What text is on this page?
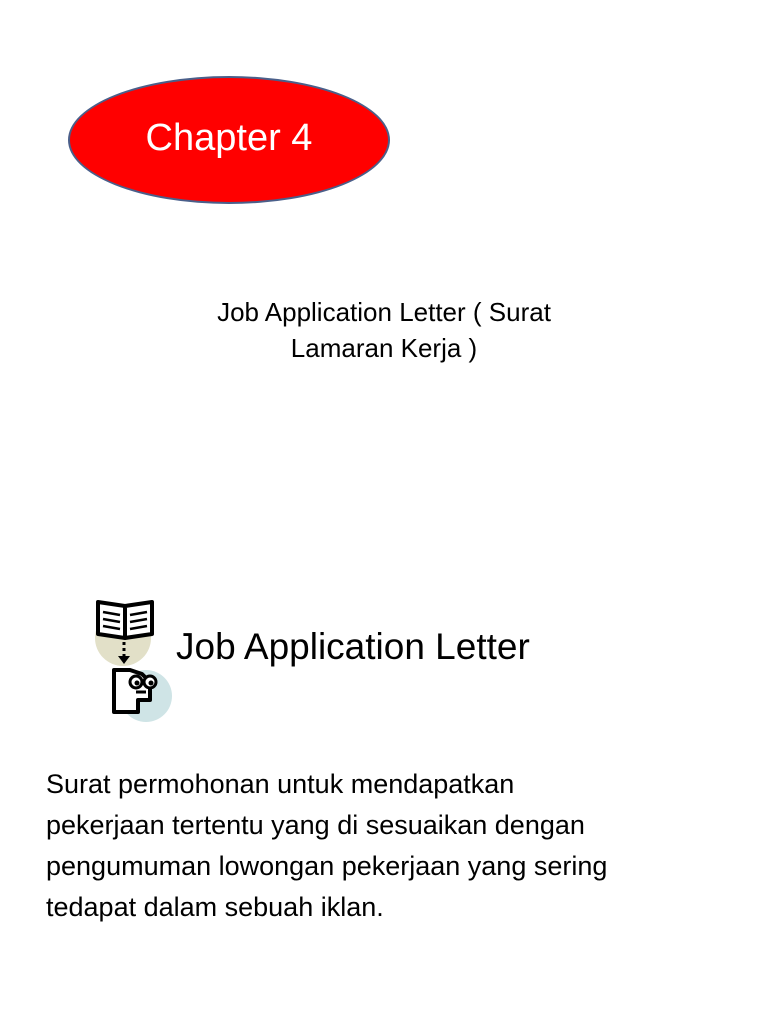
Chapter 4
Job Application Letter ( Surat
Lamaran Kerja )
Job Application Letter
Surat permohonan untuk mendapatkan
pekerjaan tertentu yang di sesuaikan dengan
pengumuman lowongan pekerjaan yang sering
tedapat dalam sebuah iklan.
